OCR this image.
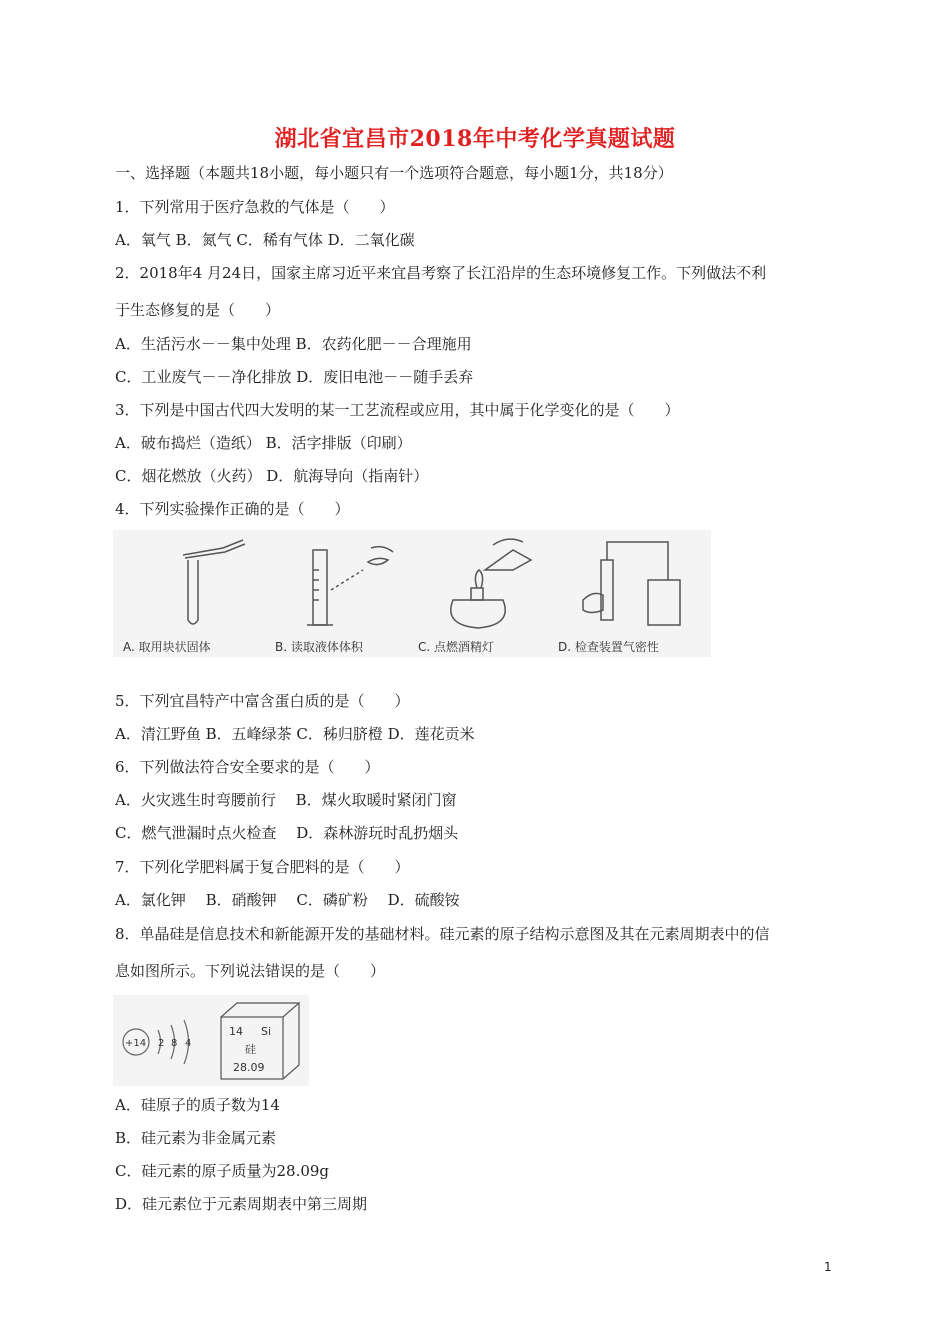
湖北省宜昌市2018年中考化学真题试题
一、选择题（本题共18小题，每小题只有一个选项符合题意，每小题1分，共18分）
1．下列常用于医疗急救的气体是（　　）
A．氧气 B．氮气 C．稀有气体 D．二氧化碳
2．2018年4 月24日，国家主席习近平来宜昌考察了长江沿岸的生态环境修复工作。下列做法不利
于生态修复的是（　　）
A．生活污水－－集中处理 B．农药化肥－－合理施用
C．工业废气－－净化排放 D．废旧电池－－随手丢弃
3．下列是中国古代四大发明的某一工艺流程或应用，其中属于化学变化的是（　　）
A．破布捣烂（造纸） B．活字排版（印刷）
C．烟花燃放（火药） D．航海导向（指南针）
4．下列实验操作正确的是（　　）
A. 取用块状固体	B. 读取液体体积	C. 点燃酒精灯	D. 检查装置气密性
5．下列宜昌特产中富含蛋白质的是（　　）
A．清江野鱼 B．五峰绿茶 C．秭归脐橙 D．莲花贡米
6．下列做法符合安全要求的是（　　）
A．火灾逃生时弯腰前行　 B．煤火取暖时紧闭门窗
C．燃气泄漏时点火检查　 D．森林游玩时乱扔烟头
7．下列化学肥料属于复合肥料的是（　　）
A．氯化钾　 B．硝酸钾　 C．磷矿粉　 D．硫酸铵
8．单晶硅是信息技术和新能源开发的基础材料。硅元素的原子结构示意图及其在元素周期表中的信
息如图所示。下列说法错误的是（　　）
+14 2 8 4
14 Si
硅
28.09
A．硅原子的质子数为14
B．硅元素为非金属元素
C．硅元素的原子质量为28.09g
D．硅元素位于元素周期表中第三周期
1
